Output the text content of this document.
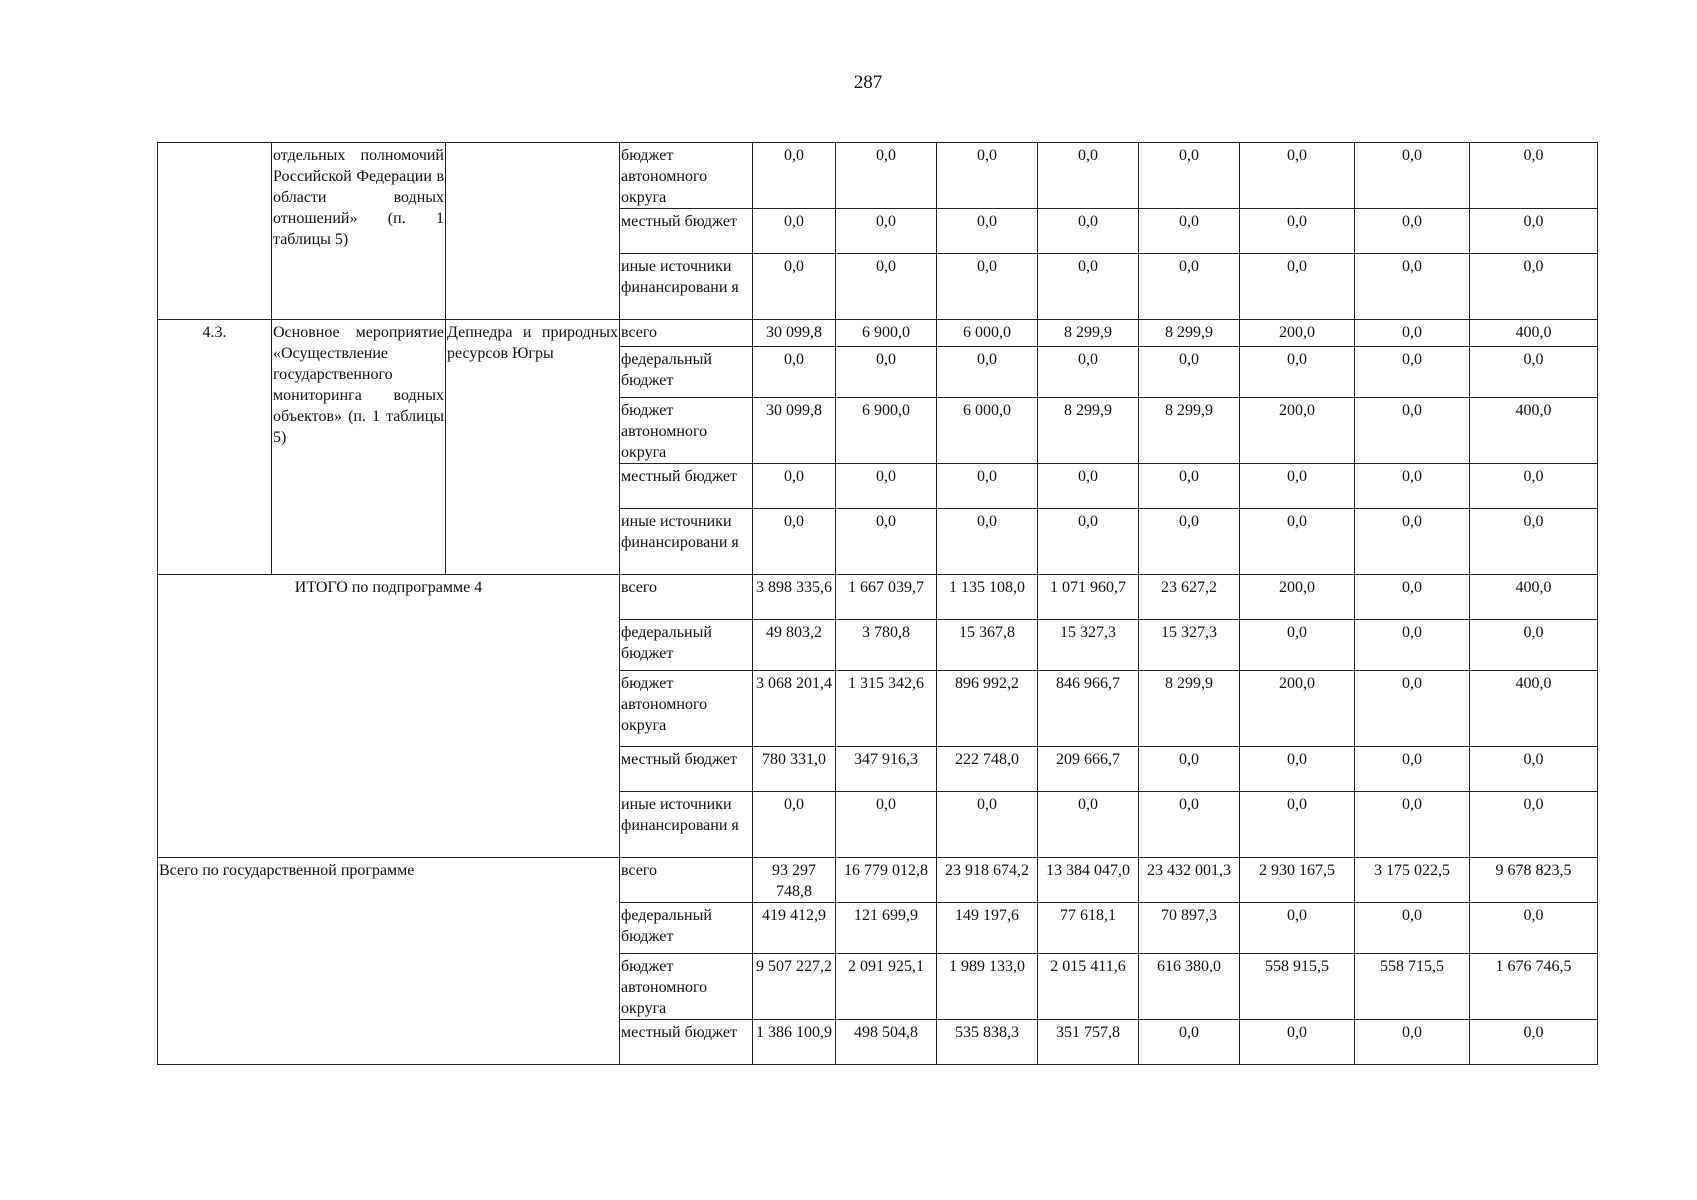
287
	отдельных полномочий Российской Федерации в области водных отношений» (п. 1 таблицы 5)		бюджет автономного округа	0,0	0,0	0,0	0,0	0,0	0,0	0,0	0,0
			местный бюджет	0,0	0,0	0,0	0,0	0,0	0,0	0,0	0,0
			иные источники финансировани я	0,0	0,0	0,0	0,0	0,0	0,0	0,0	0,0
4.3.	Основное мероприятие «Осуществление государственного мониторинга водных объектов» (п. 1 таблицы 5)	Депнедра и природных ресурсов Югры	всего	30 099,8	6 900,0	6 000,0	8 299,9	8 299,9	200,0	0,0	400,0
			федеральный бюджет	0,0	0,0	0,0	0,0	0,0	0,0	0,0	0,0
			бюджет автономного округа	30 099,8	6 900,0	6 000,0	8 299,9	8 299,9	200,0	0,0	400,0
			местный бюджет	0,0	0,0	0,0	0,0	0,0	0,0	0,0	0,0
			иные источники финансировани я	0,0	0,0	0,0	0,0	0,0	0,0	0,0	0,0
ИТОГО по подпрограмме 4			всего	3 898 335,6	1 667 039,7	1 135 108,0	1 071 960,7	23 627,2	200,0	0,0	400,0
			федеральный бюджет	49 803,2	3 780,8	15 367,8	15 327,3	15 327,3	0,0	0,0	0,0
			бюджет автономного округа	3 068 201,4	1 315 342,6	896 992,2	846 966,7	8 299,9	200,0	0,0	400,0
			местный бюджет	780 331,0	347 916,3	222 748,0	209 666,7	0,0	0,0	0,0	0,0
			иные источники финансировани я	0,0	0,0	0,0	0,0	0,0	0,0	0,0	0,0
Всего по государственной программе			всего	93 297 748,8	16 779 012,8	23 918 674,2	13 384 047,0	23 432 001,3	2 930 167,5	3 175 022,5	9 678 823,5
			федеральный бюджет	419 412,9	121 699,9	149 197,6	77 618,1	70 897,3	0,0	0,0	0,0
			бюджет автономного округа	9 507 227,2	2 091 925,1	1 989 133,0	2 015 411,6	616 380,0	558 915,5	558 715,5	1 676 746,5
			местный бюджет	1 386 100,9	498 504,8	535 838,3	351 757,8	0,0	0,0	0,0	0,0
